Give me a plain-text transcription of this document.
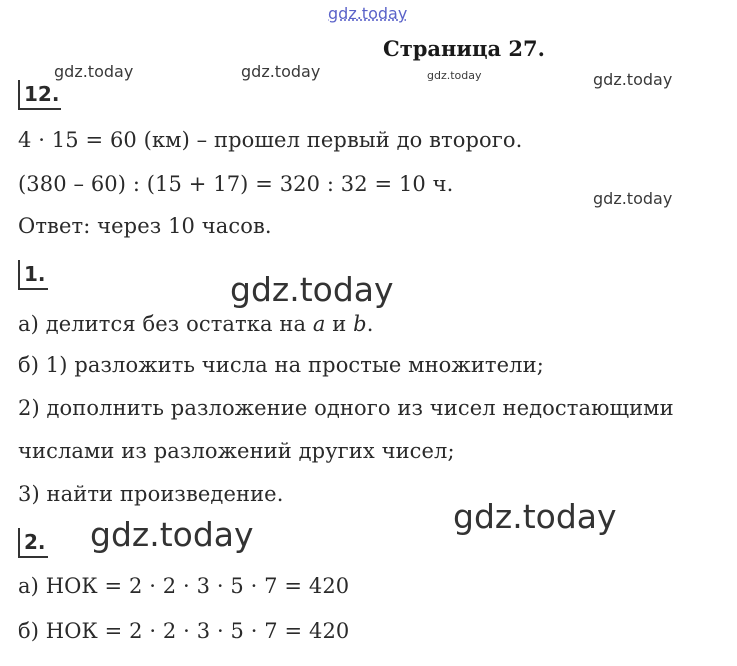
gdz.today
Страница 27.
gdz.today	gdz.today	gdz.today	gdz.today
gdz.today
12.
4 · 15 = 60 (км) – прошел первый до второго.
(380 – 60) : (15 + 17) = 320 : 32 = 10 ч.
Ответ: через 10 часов.
1.	gdz.today
а) делится без остатка на a и b.
б) 1) разложить числа на простые множители;
2) дополнить разложение одного из чисел недостающими
числами из разложений других чисел;
3) найти произведение.
2. gdz.today	gdz.today
а) НОК = 2 · 2 · 3 · 5 · 7 = 420
б) НОК = 2 · 2 · 3 · 5 · 7 = 420
